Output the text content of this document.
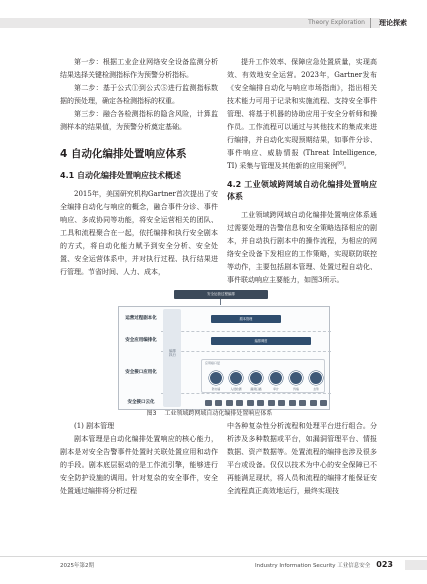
Theory Exploration 理论探索

第一步：根据工业企业网络安全设备监测分析结果选择关键检测指标作为预警分析指标。

第二步：基于公式①到公式⑤进行监测指标数据的预处理，确定各检测指标的权重。

第三步：融合各检测指标的隐含风险，计算监测样本的结果值，为预警分析奠定基础。

4 自动化编排处置响应体系
4.1 自动化编排处置响应技术概述

2015年，美国研究机构Gartner首次提出了安全编排自动化与响应的概念，融合事件分诊、事件响应、多成协同等功能，将安全运营相关的团队、工具和流程聚合在一起，依托编排和执行安全剧本的方式，将自动化能力赋予到安全分析、安全处置、安全运营体系中，并对执行过程、执行结果进行管理。节省时间、人力、成本，

提升工作效率、保障应急处置质量，实现高效、有效地安全运营。2023年，Gartner发布《安全编排自动化与响应市场指南》，指出相关技术能力可用于记录和实施流程、支持安全事件管理、将基于机器的协助应用于安全分析师和操作员。工作流程可以通过与其他技术的集成来进行编排，并自动化实现预期结果，如事件分诊、事件响应、威胁情报 (Threat Intelligence, TI) 采集与管理及其他新的应用案例[6]。

4.2 工业领域跨网域自动化编排处置响应体系

工业领域跨网域自动化编排处置响应体系通过需要处理的告警信息和安全策略选择相应的剧本，并自动执行剧本中的操作流程，为相应的网络安全设备下发相应的工作策略，实现联防联控等动作，主要包括剧本管理、处置过程自动化、事件联动响应主要能力，如图3所示。

安全运营过程编排
运营过程剧本化
安全应用编排化
安全接口应用化
安全接口云化
编排执行
剧本管理
编排调度
应用接口层
防火墙	入侵检测	漏洞扫描	审计	终端	态势
图3 工业领域跨网域自动化编排处置响应体系

(1) 剧本管理

剧本管理是自动化编排处置响应的核心能力，剧本是对安全告警事件处置时关联处置应用和动作的手段。剧本底层驱动的是工作流引擎，能够进行安全防护设施的调用。针对复杂的安全事件，安全处置通过编排将分析过程

中各种复杂性分析流程和处理平台进行组合。分析涉及多种数据或平台，如漏洞管理平台、情报数据、资产数据等。处置流程的编排也涉及很多平台或设备。仅仅以技术为中心的安全保障已不再能满足现状，将人员和流程的编排才能保证安全流程真正高效地运行，最终实现技

2025年第2期	Industry Information Security 工业信息安全 023
